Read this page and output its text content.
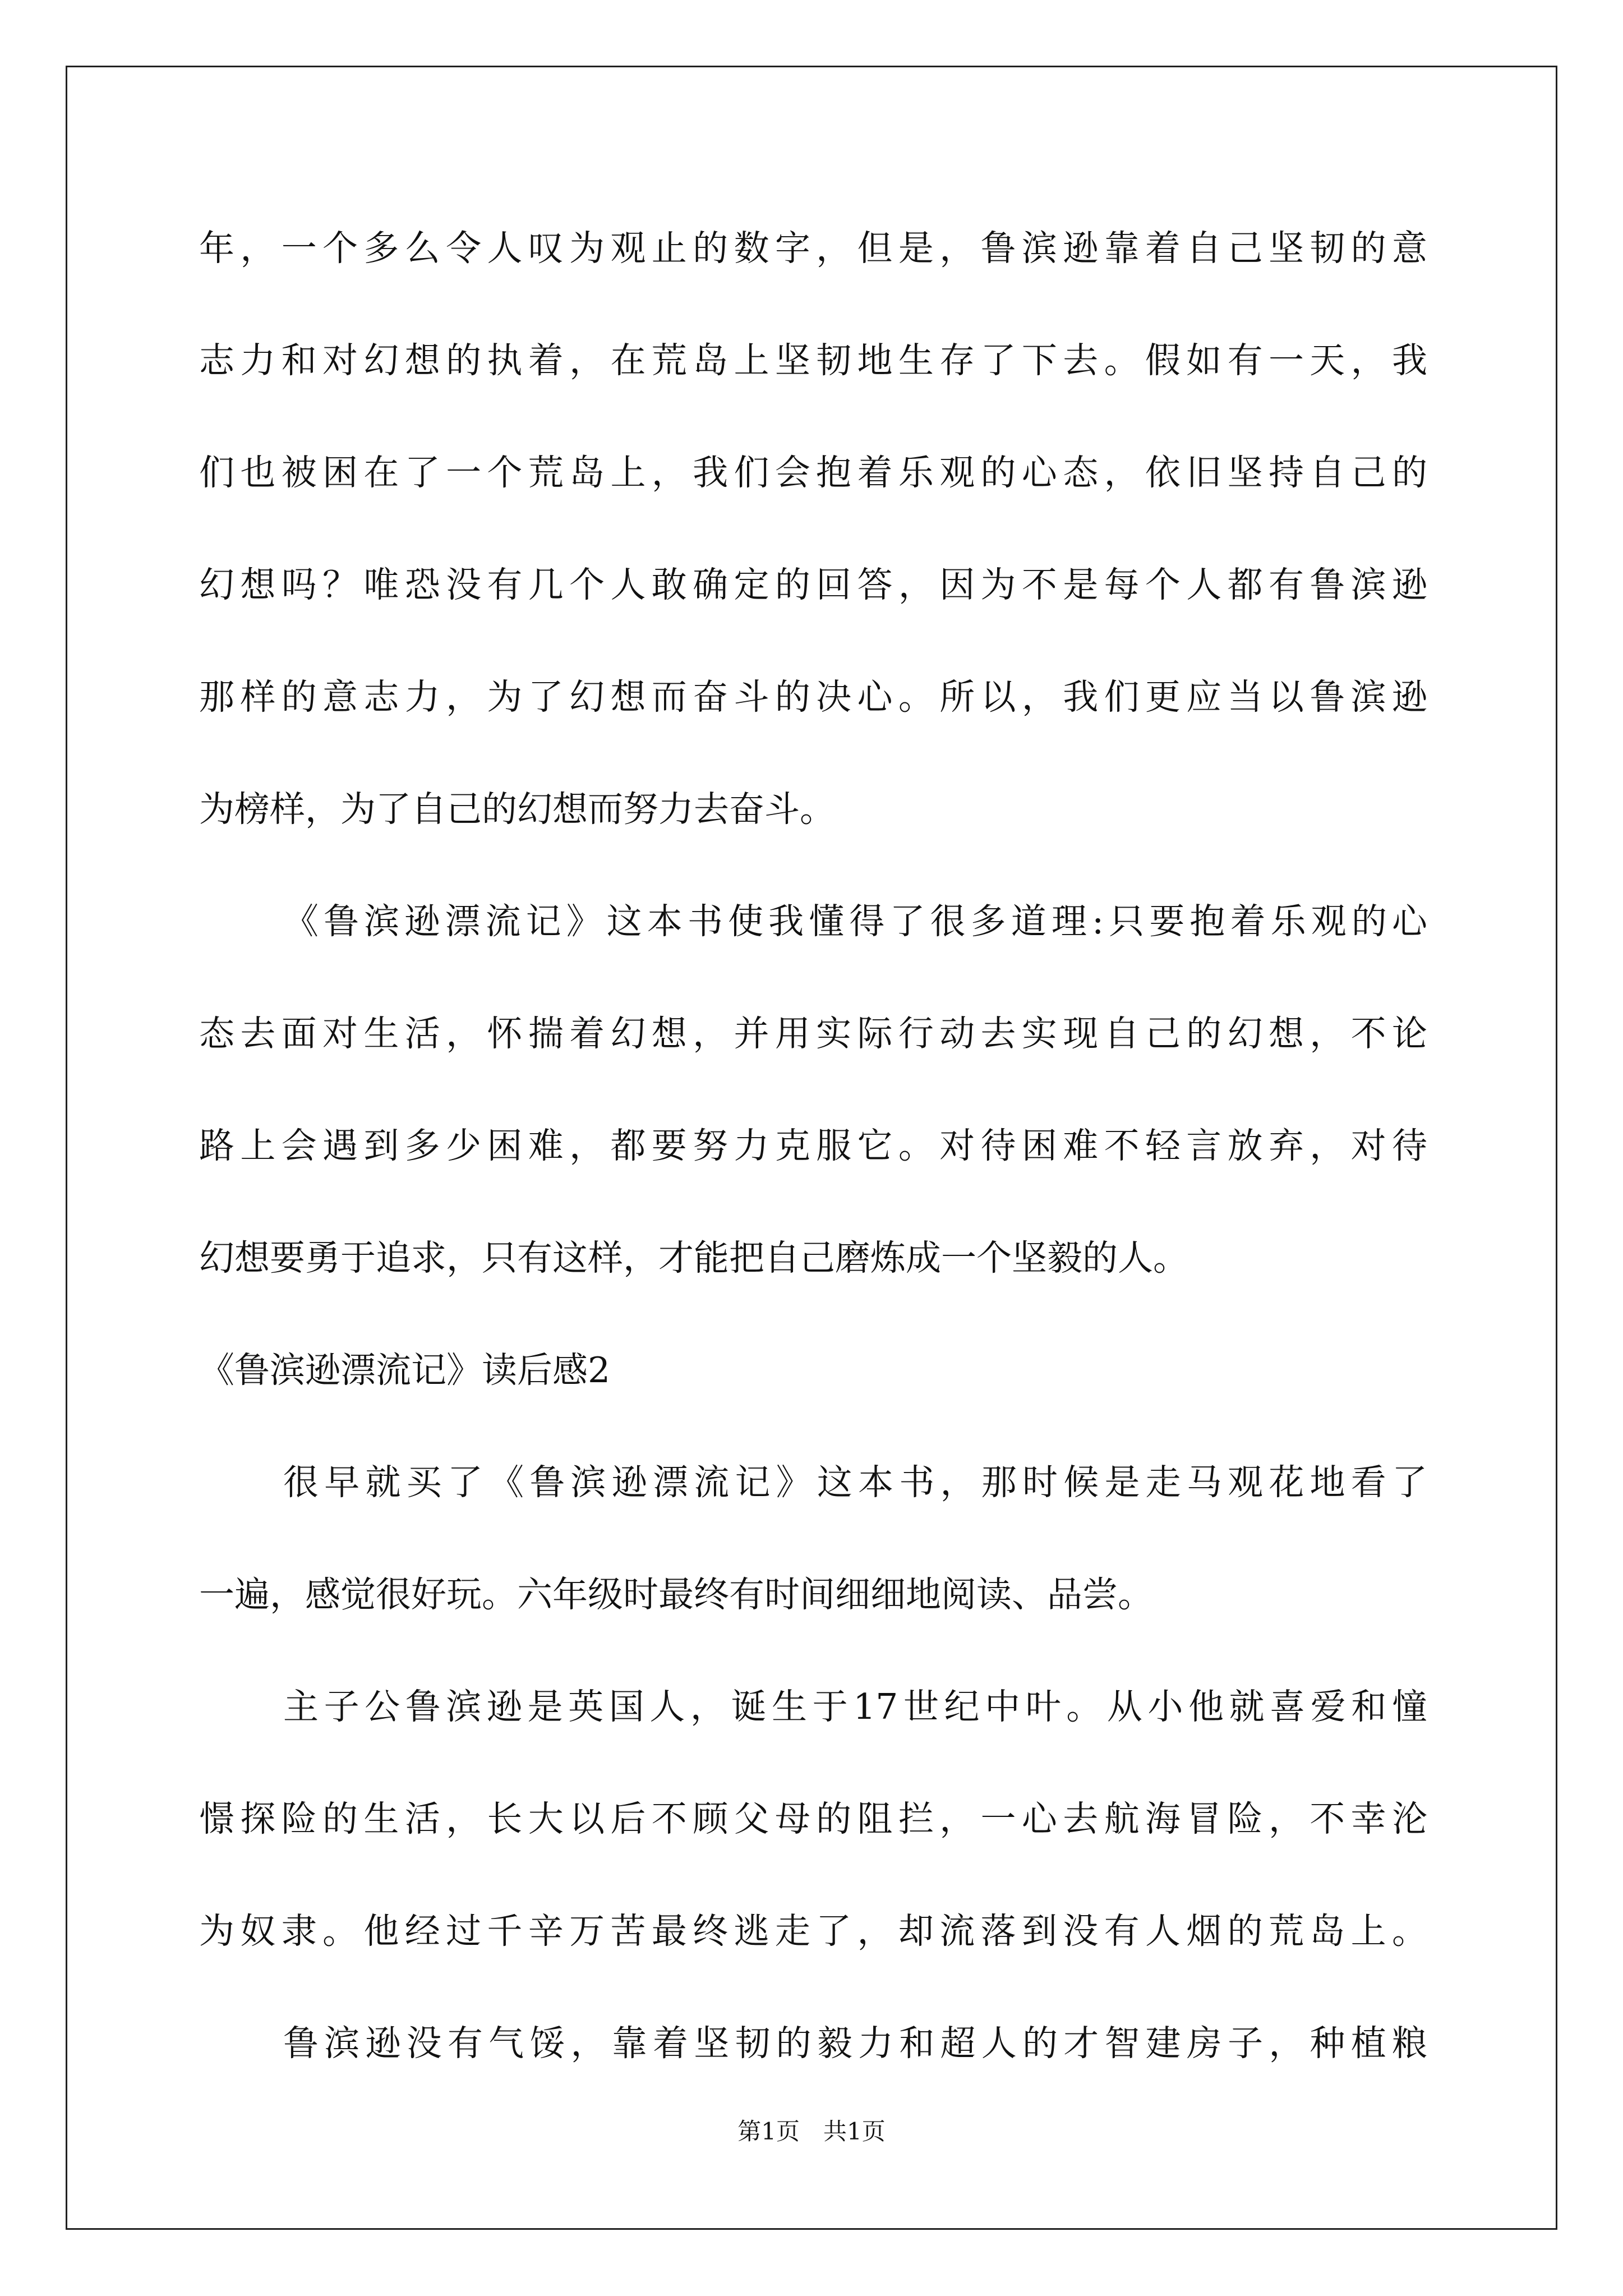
年，一个多么令人叹为观止的数字，但是，鲁滨逊靠着自己坚韧的意
志力和对幻想的执着，在荒岛上坚韧地生存了下去。假如有一天，我
们也被困在了一个荒岛上，我们会抱着乐观的心态，依旧坚持自己的
幻想吗？唯恐没有几个人敢确定的回答，因为不是每个人都有鲁滨逊
那样的意志力，为了幻想而奋斗的决心。所以，我们更应当以鲁滨逊
为榜样，为了自己的幻想而努力去奋斗。
《鲁滨逊漂流记》这本书使我懂得了很多道理:只要抱着乐观的心
态去面对生活，怀揣着幻想，并用实际行动去实现自己的幻想，不论
路上会遇到多少困难，都要努力克服它。对待困难不轻言放弃，对待
幻想要勇于追求，只有这样，才能把自己磨炼成一个坚毅的人。
《鲁滨逊漂流记》读后感2
很早就买了《鲁滨逊漂流记》这本书，那时候是走马观花地看了
一遍，感觉很好玩。六年级时最终有时间细细地阅读、品尝。
主子公鲁滨逊是英国人，诞生于17世纪中叶。从小他就喜爱和憧
憬探险的生活，长大以后不顾父母的阻拦，一心去航海冒险，不幸沦
为奴隶。他经过千辛万苦最终逃走了，却流落到没有人烟的荒岛上。
鲁滨逊没有气馁，靠着坚韧的毅力和超人的才智建房子，种植粮
第1页　共1页
